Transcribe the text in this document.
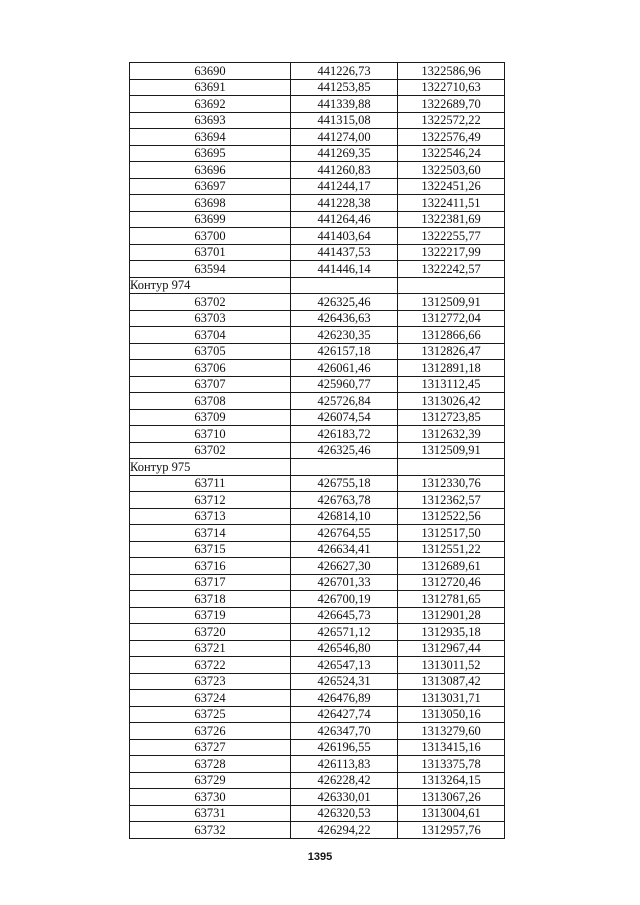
63690	441226,73	1322586,96
63691	441253,85	1322710,63
63692	441339,88	1322689,70
63693	441315,08	1322572,22
63694	441274,00	1322576,49
63695	441269,35	1322546,24
63696	441260,83	1322503,60
63697	441244,17	1322451,26
63698	441228,38	1322411,51
63699	441264,46	1322381,69
63700	441403,64	1322255,77
63701	441437,53	1322217,99
63594	441446,14	1322242,57
Контур 974		
63702	426325,46	1312509,91
63703	426436,63	1312772,04
63704	426230,35	1312866,66
63705	426157,18	1312826,47
63706	426061,46	1312891,18
63707	425960,77	1313112,45
63708	425726,84	1313026,42
63709	426074,54	1312723,85
63710	426183,72	1312632,39
63702	426325,46	1312509,91
Контур 975		
63711	426755,18	1312330,76
63712	426763,78	1312362,57
63713	426814,10	1312522,56
63714	426764,55	1312517,50
63715	426634,41	1312551,22
63716	426627,30	1312689,61
63717	426701,33	1312720,46
63718	426700,19	1312781,65
63719	426645,73	1312901,28
63720	426571,12	1312935,18
63721	426546,80	1312967,44
63722	426547,13	1313011,52
63723	426524,31	1313087,42
63724	426476,89	1313031,71
63725	426427,74	1313050,16
63726	426347,70	1313279,60
63727	426196,55	1313415,16
63728	426113,83	1313375,78
63729	426228,42	1313264,15
63730	426330,01	1313067,26
63731	426320,53	1313004,61
63732	426294,22	1312957,76
1395
